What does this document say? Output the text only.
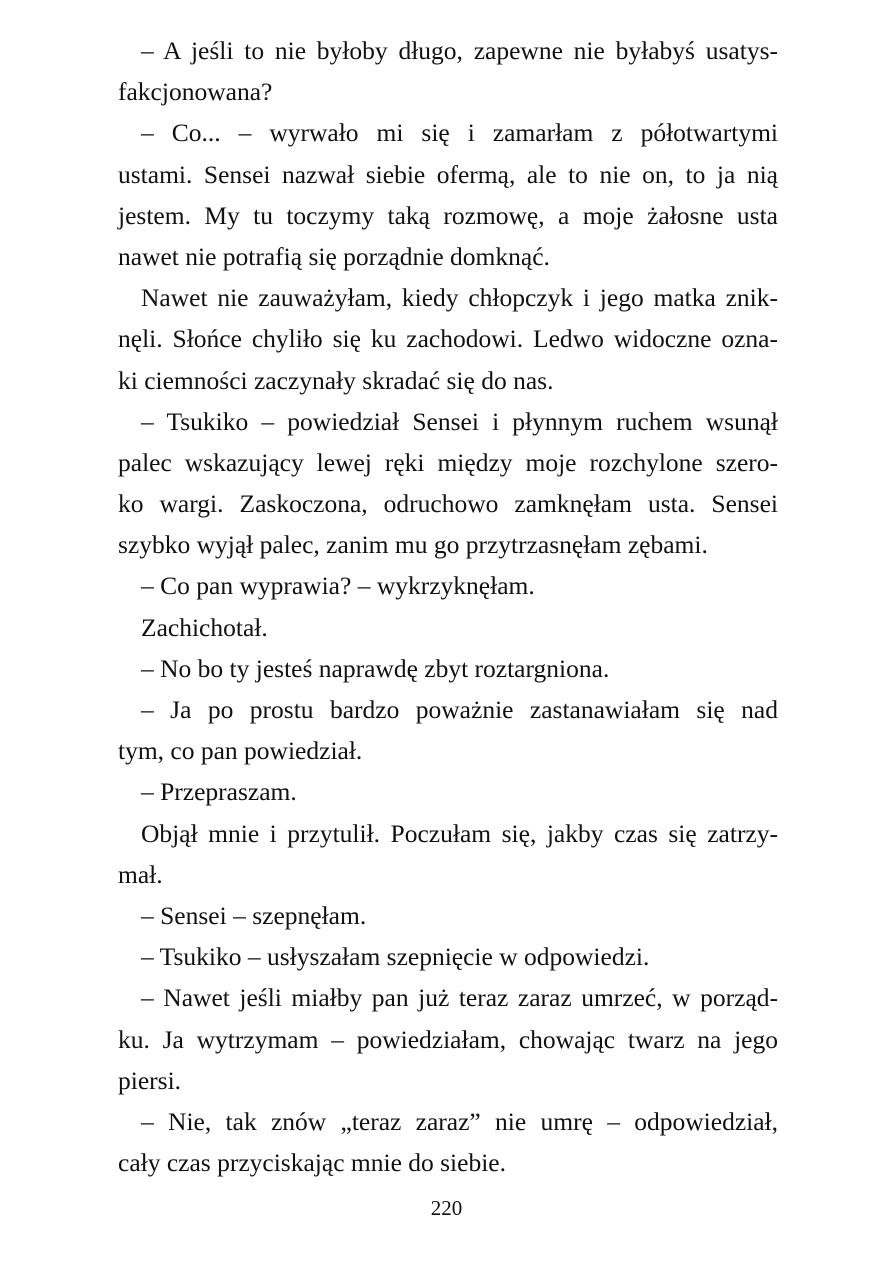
– A jeśli to nie byłoby długo, zapewne nie byłabyś usatys-
fakcjonowana?
– Co... – wyrwało mi się i zamarłam z półotwartymi
ustami. Sensei nazwał siebie ofermą, ale to nie on, to ja nią
jestem. My tu toczymy taką rozmowę, a moje żałosne usta
nawet nie potrafią się porządnie domknąć.
Nawet nie zauważyłam, kiedy chłopczyk i jego matka znik-
nęli. Słońce chyliło się ku zachodowi. Ledwo widoczne ozna-
ki ciemności zaczynały skradać się do nas.
– Tsukiko – powiedział Sensei i płynnym ruchem wsunął
palec wskazujący lewej ręki między moje rozchylone szero-
ko wargi. Zaskoczona, odruchowo zamknęłam usta. Sensei
szybko wyjął palec, zanim mu go przytrzasnęłam zębami.
– Co pan wyprawia? – wykrzyknęłam.
Zachichotał.
– No bo ty jesteś naprawdę zbyt roztargniona.
– Ja po prostu bardzo poważnie zastanawiałam się nad
tym, co pan powiedział.
– Przepraszam.
Objął mnie i przytulił. Poczułam się, jakby czas się zatrzy-
mał.
– Sensei – szepnęłam.
– Tsukiko – usłyszałam szepnięcie w odpowiedzi.
– Nawet jeśli miałby pan już teraz zaraz umrzeć, w porząd-
ku. Ja wytrzymam – powiedziałam, chowając twarz na jego
piersi.
– Nie, tak znów „teraz zaraz” nie umrę – odpowiedział,
cały czas przyciskając mnie do siebie.
220
